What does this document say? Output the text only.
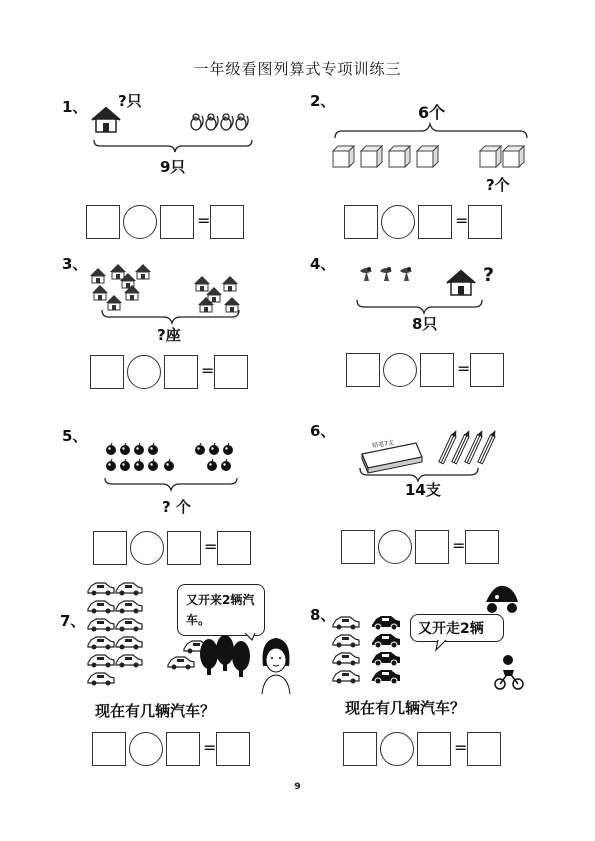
一年级看图列算式专项训练三
1、	2、
3、	4、
5、	6、
7、	8、
?只
9只
6个
?个
?座
8只
?
? 个
14支
铅笔7支
现在有几辆汽车？	现在有几辆汽车？
又开来2辆汽车。
又开走2辆
=	=
=	=
=	=
=	=
9
